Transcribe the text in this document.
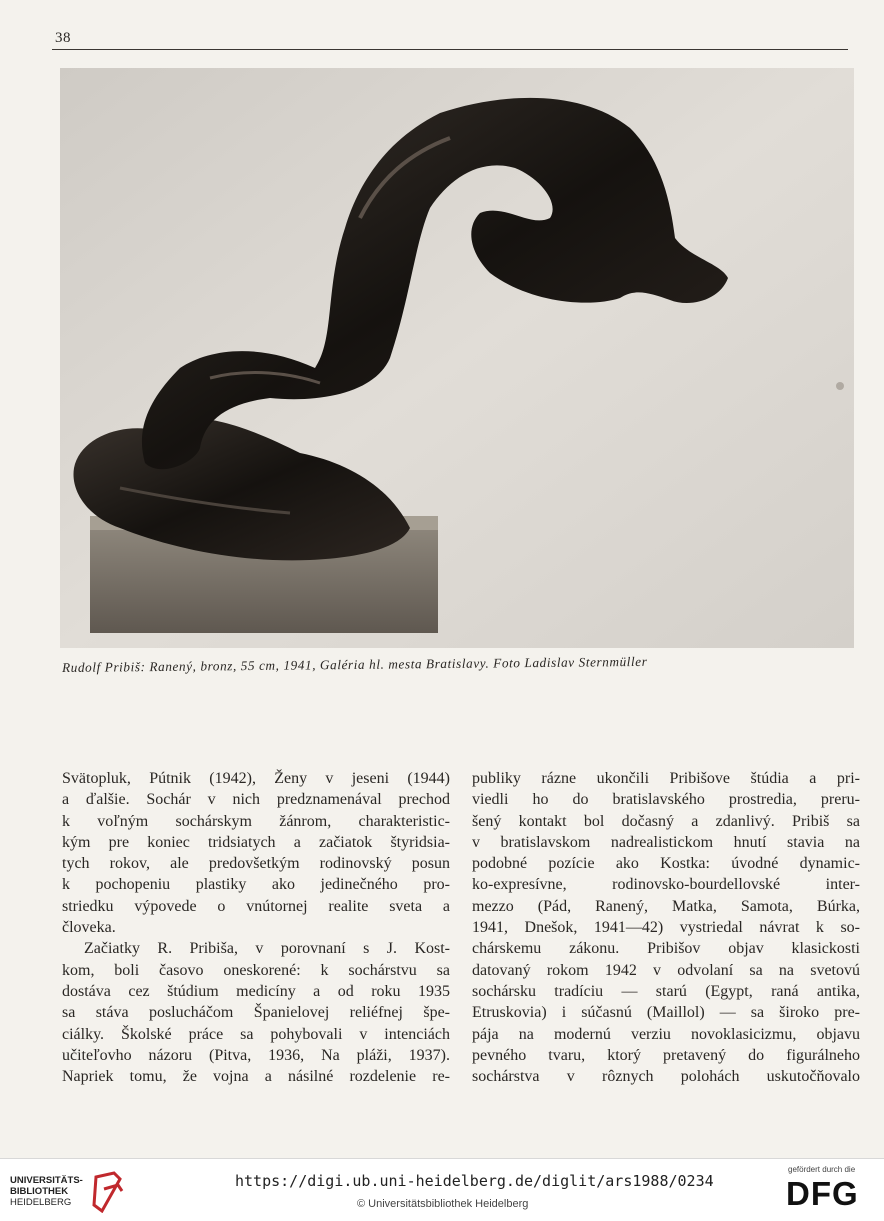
38
Rudolf Pribiš: Ranený, bronz, 55 cm, 1941, Galéria hl. mesta Bratislavy. Foto Ladislav Sternmüller
Svätopluk, Pútnik (1942), Ženy v jeseni (1944)
a ďalšie. Sochár v nich predznamenával prechod
k voľným sochárskym žánrom, charakteristic-
kým pre koniec tridsiatych a začiatok štyridsia-
tych rokov, ale predovšetkým rodinovský posun
k pochopeniu plastiky ako jedinečného pro-
striedku výpovede o vnútornej realite sveta a
človeka.
Začiatky R. Pribiša, v porovnaní s J. Kost-
kom, boli časovo oneskorené: k sochárstvu sa
dostáva cez štúdium medicíny a od roku 1935
sa stáva poslucháčom Španielovej reliéfnej špe-
ciálky. Školské práce sa pohybovali v intenciách
učiteľovho názoru (Pitva, 1936, Na pláži, 1937).
Napriek tomu, že vojna a násilné rozdelenie re-
publiky rázne ukončili Pribišove štúdia a pri-
viedli ho do bratislavského prostredia, preru-
šený kontakt bol dočasný a zdanlivý. Pribiš sa
v bratislavskom nadrealistickom hnutí stavia na
podobné pozície ako Kostka: úvodné dynamic-
ko-expresívne, rodinovsko-bourdellovské inter-
mezzo (Pád, Ranený, Matka, Samota, Búrka,
1941, Dnešok, 1941—42) vystriedal návrat k so-
chárskemu zákonu. Pribišov objav klasickosti
datovaný rokom 1942 v odvolaní sa na svetovú
sochársku tradíciu — starú (Egypt, raná antika,
Etruskovia) i súčasnú (Maillol) — sa široko pre-
pája na modernú verziu novoklasicizmu, objavu
pevného tvaru, ktorý pretavený do figurálneho
sochárstva v rôznych polohách uskutočňovalo
UNIVERSITÄTS-
BIBLIOTHEK
HEIDELBERG
https://digi.ub.uni-heidelberg.de/diglit/ars1988/0234
© Universitätsbibliothek Heidelberg
gefördert durch die
DFG
